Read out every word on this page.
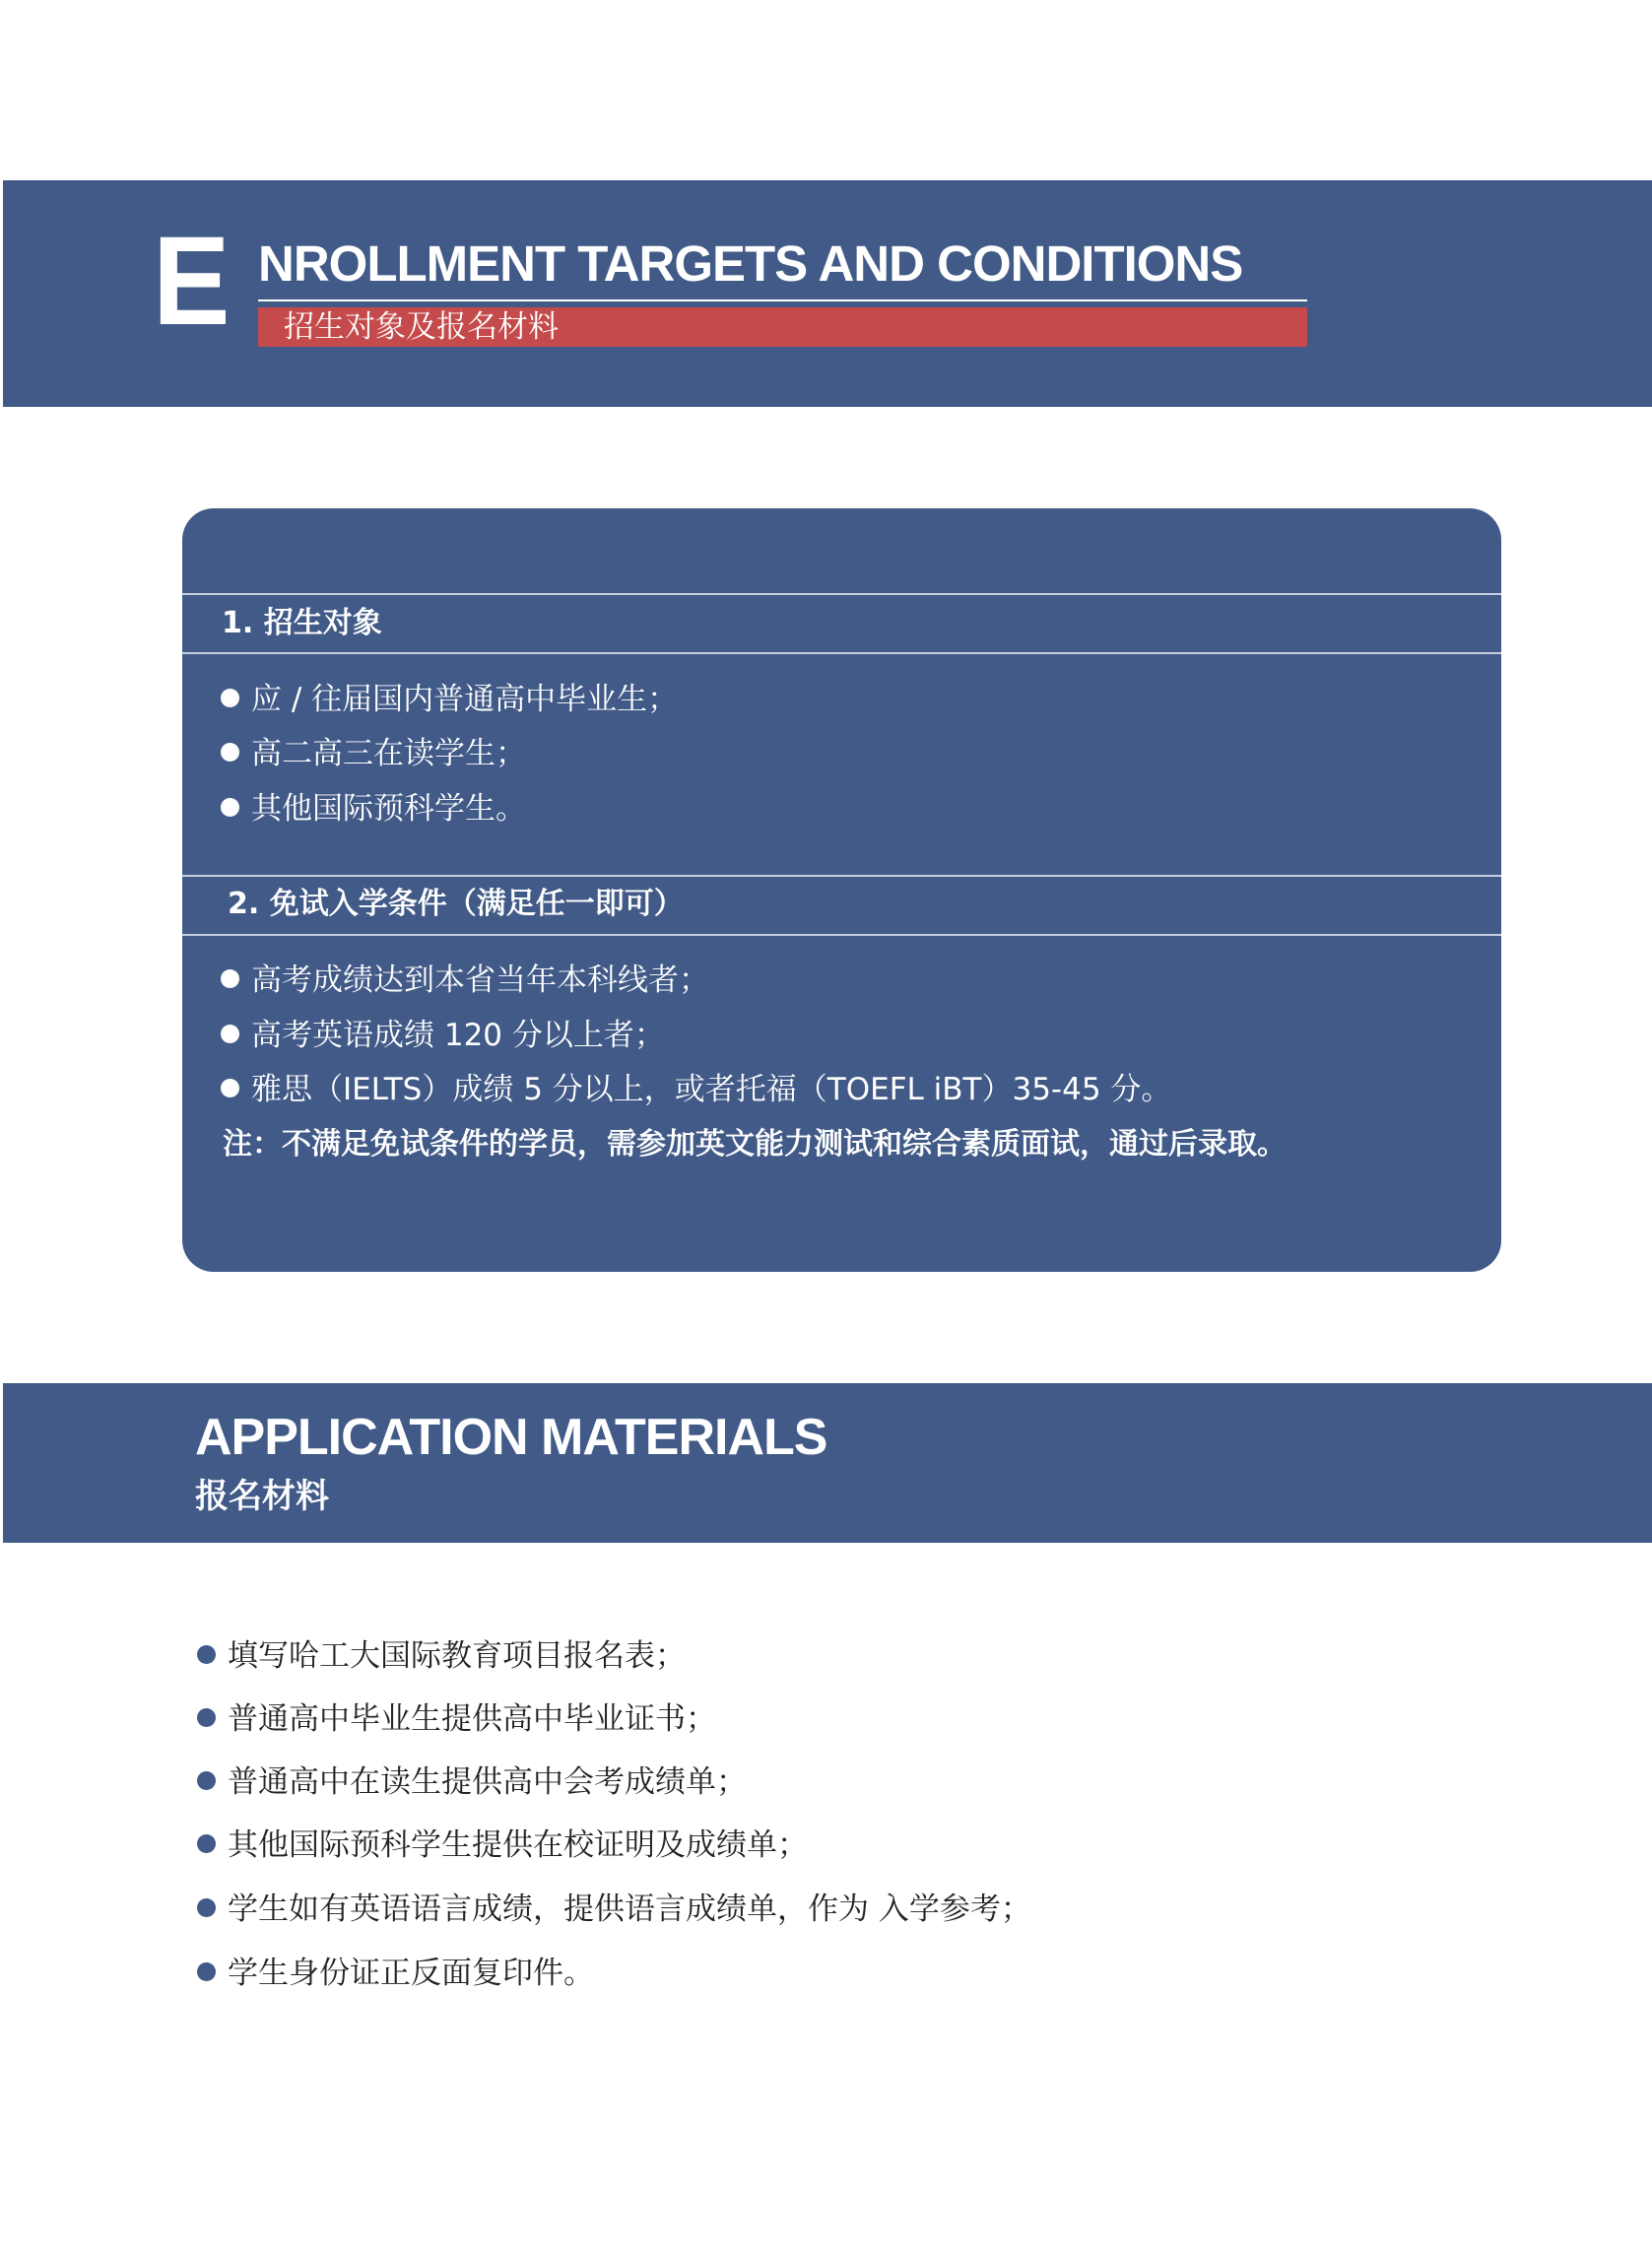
E NROLLMENT TARGETS AND CONDITIONS
招生对象及报名材料
1. 招生对象
应 / 往届国内普通高中毕业生；
高二高三在读学生；
其他国际预科学生。
2. 免试入学条件（满足任一即可）
高考成绩达到本省当年本科线者；
高考英语成绩 120 分以上者；
雅思（IELTS）成绩 5 分以上，或者托福（TOEFL iBT）35-45 分。
注：不满足免试条件的学员，需参加英文能力测试和综合素质面试，通过后录取。
APPLICATION MATERIALS
报名材料
填写哈工大国际教育项目报名表；
普通高中毕业生提供高中毕业证书；
普通高中在读生提供高中会考成绩单；
其他国际预科学生提供在校证明及成绩单；
学生如有英语语言成绩，提供语言成绩单，作为 入学参考；
学生身份证正反面复印件。
